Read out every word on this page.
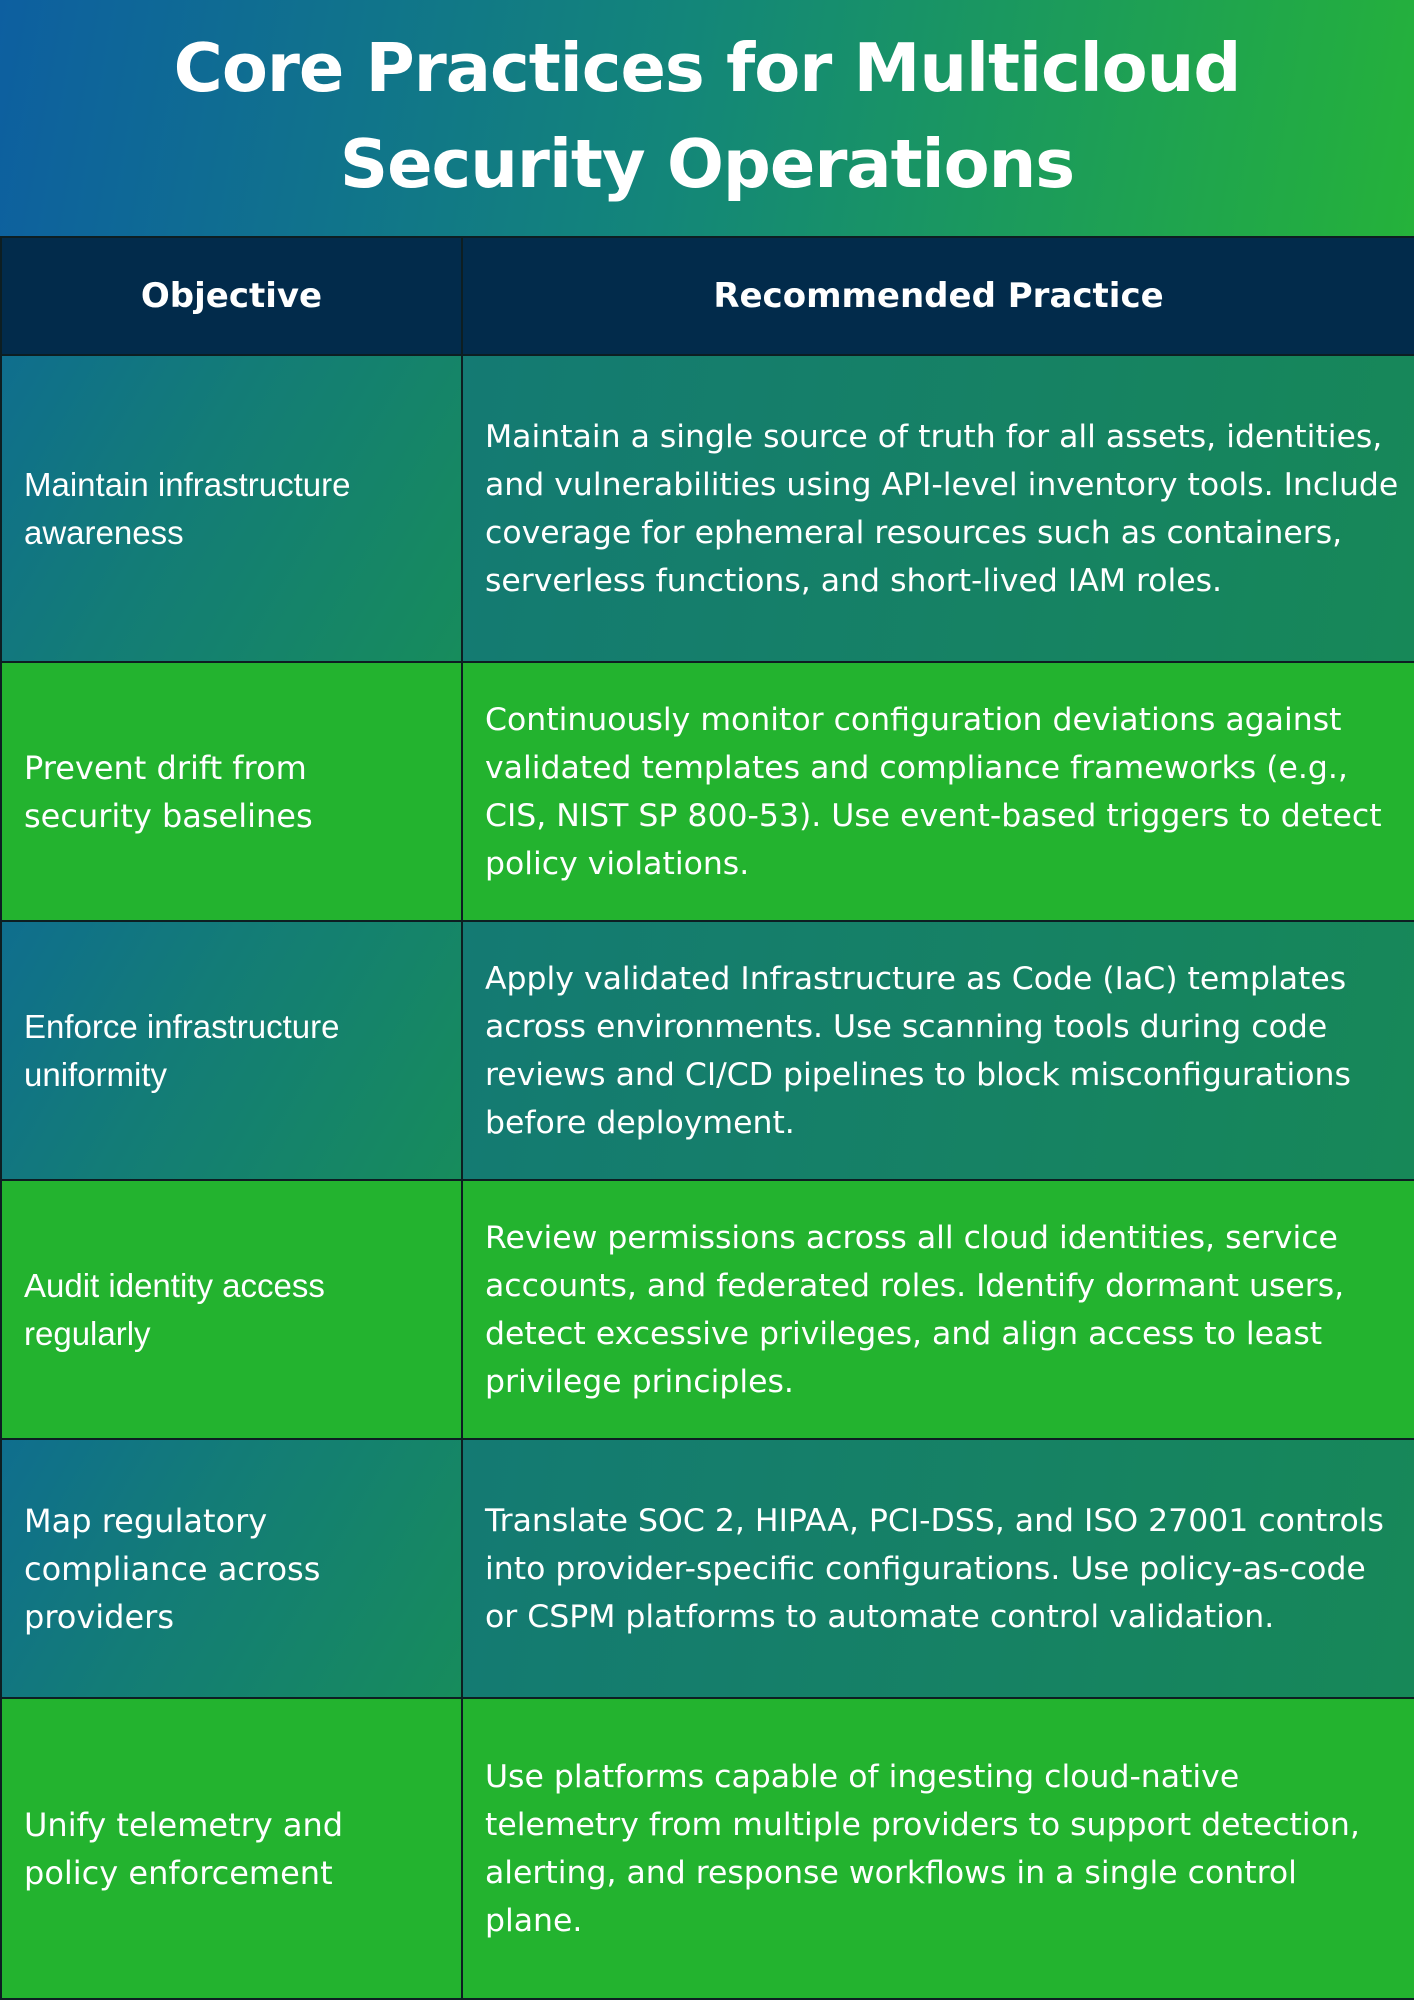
Core Practices for Multicloud Security Operations
Objective	Recommended Practice
Maintain infrastructure awareness	Maintain a single source of truth for all assets, identities, and vulnerabilities using API-level inventory tools. Include coverage for ephemeral resources such as containers, serverless functions, and short-lived IAM roles.
Prevent drift from security baselines	Continuously monitor configuration deviations against validated templates and compliance frameworks (e.g., CIS, NIST SP 800-53). Use event-based triggers to detect policy violations.
Enforce infrastructure uniformity	Apply validated Infrastructure as Code (IaC) templates across environments. Use scanning tools during code reviews and CI/CD pipelines to block misconfigurations before deployment.
Audit identity access regularly	Review permissions across all cloud identities, service accounts, and federated roles. Identify dormant users, detect excessive privileges, and align access to least privilege principles.
Map regulatory compliance across providers	Translate SOC 2, HIPAA, PCI-DSS, and ISO 27001 controls into provider-specific configurations. Use policy-as-code or CSPM platforms to automate control validation.
Unify telemetry and policy enforcement	Use platforms capable of ingesting cloud-native telemetry from multiple providers to support detection, alerting, and response workflows in a single control plane.
